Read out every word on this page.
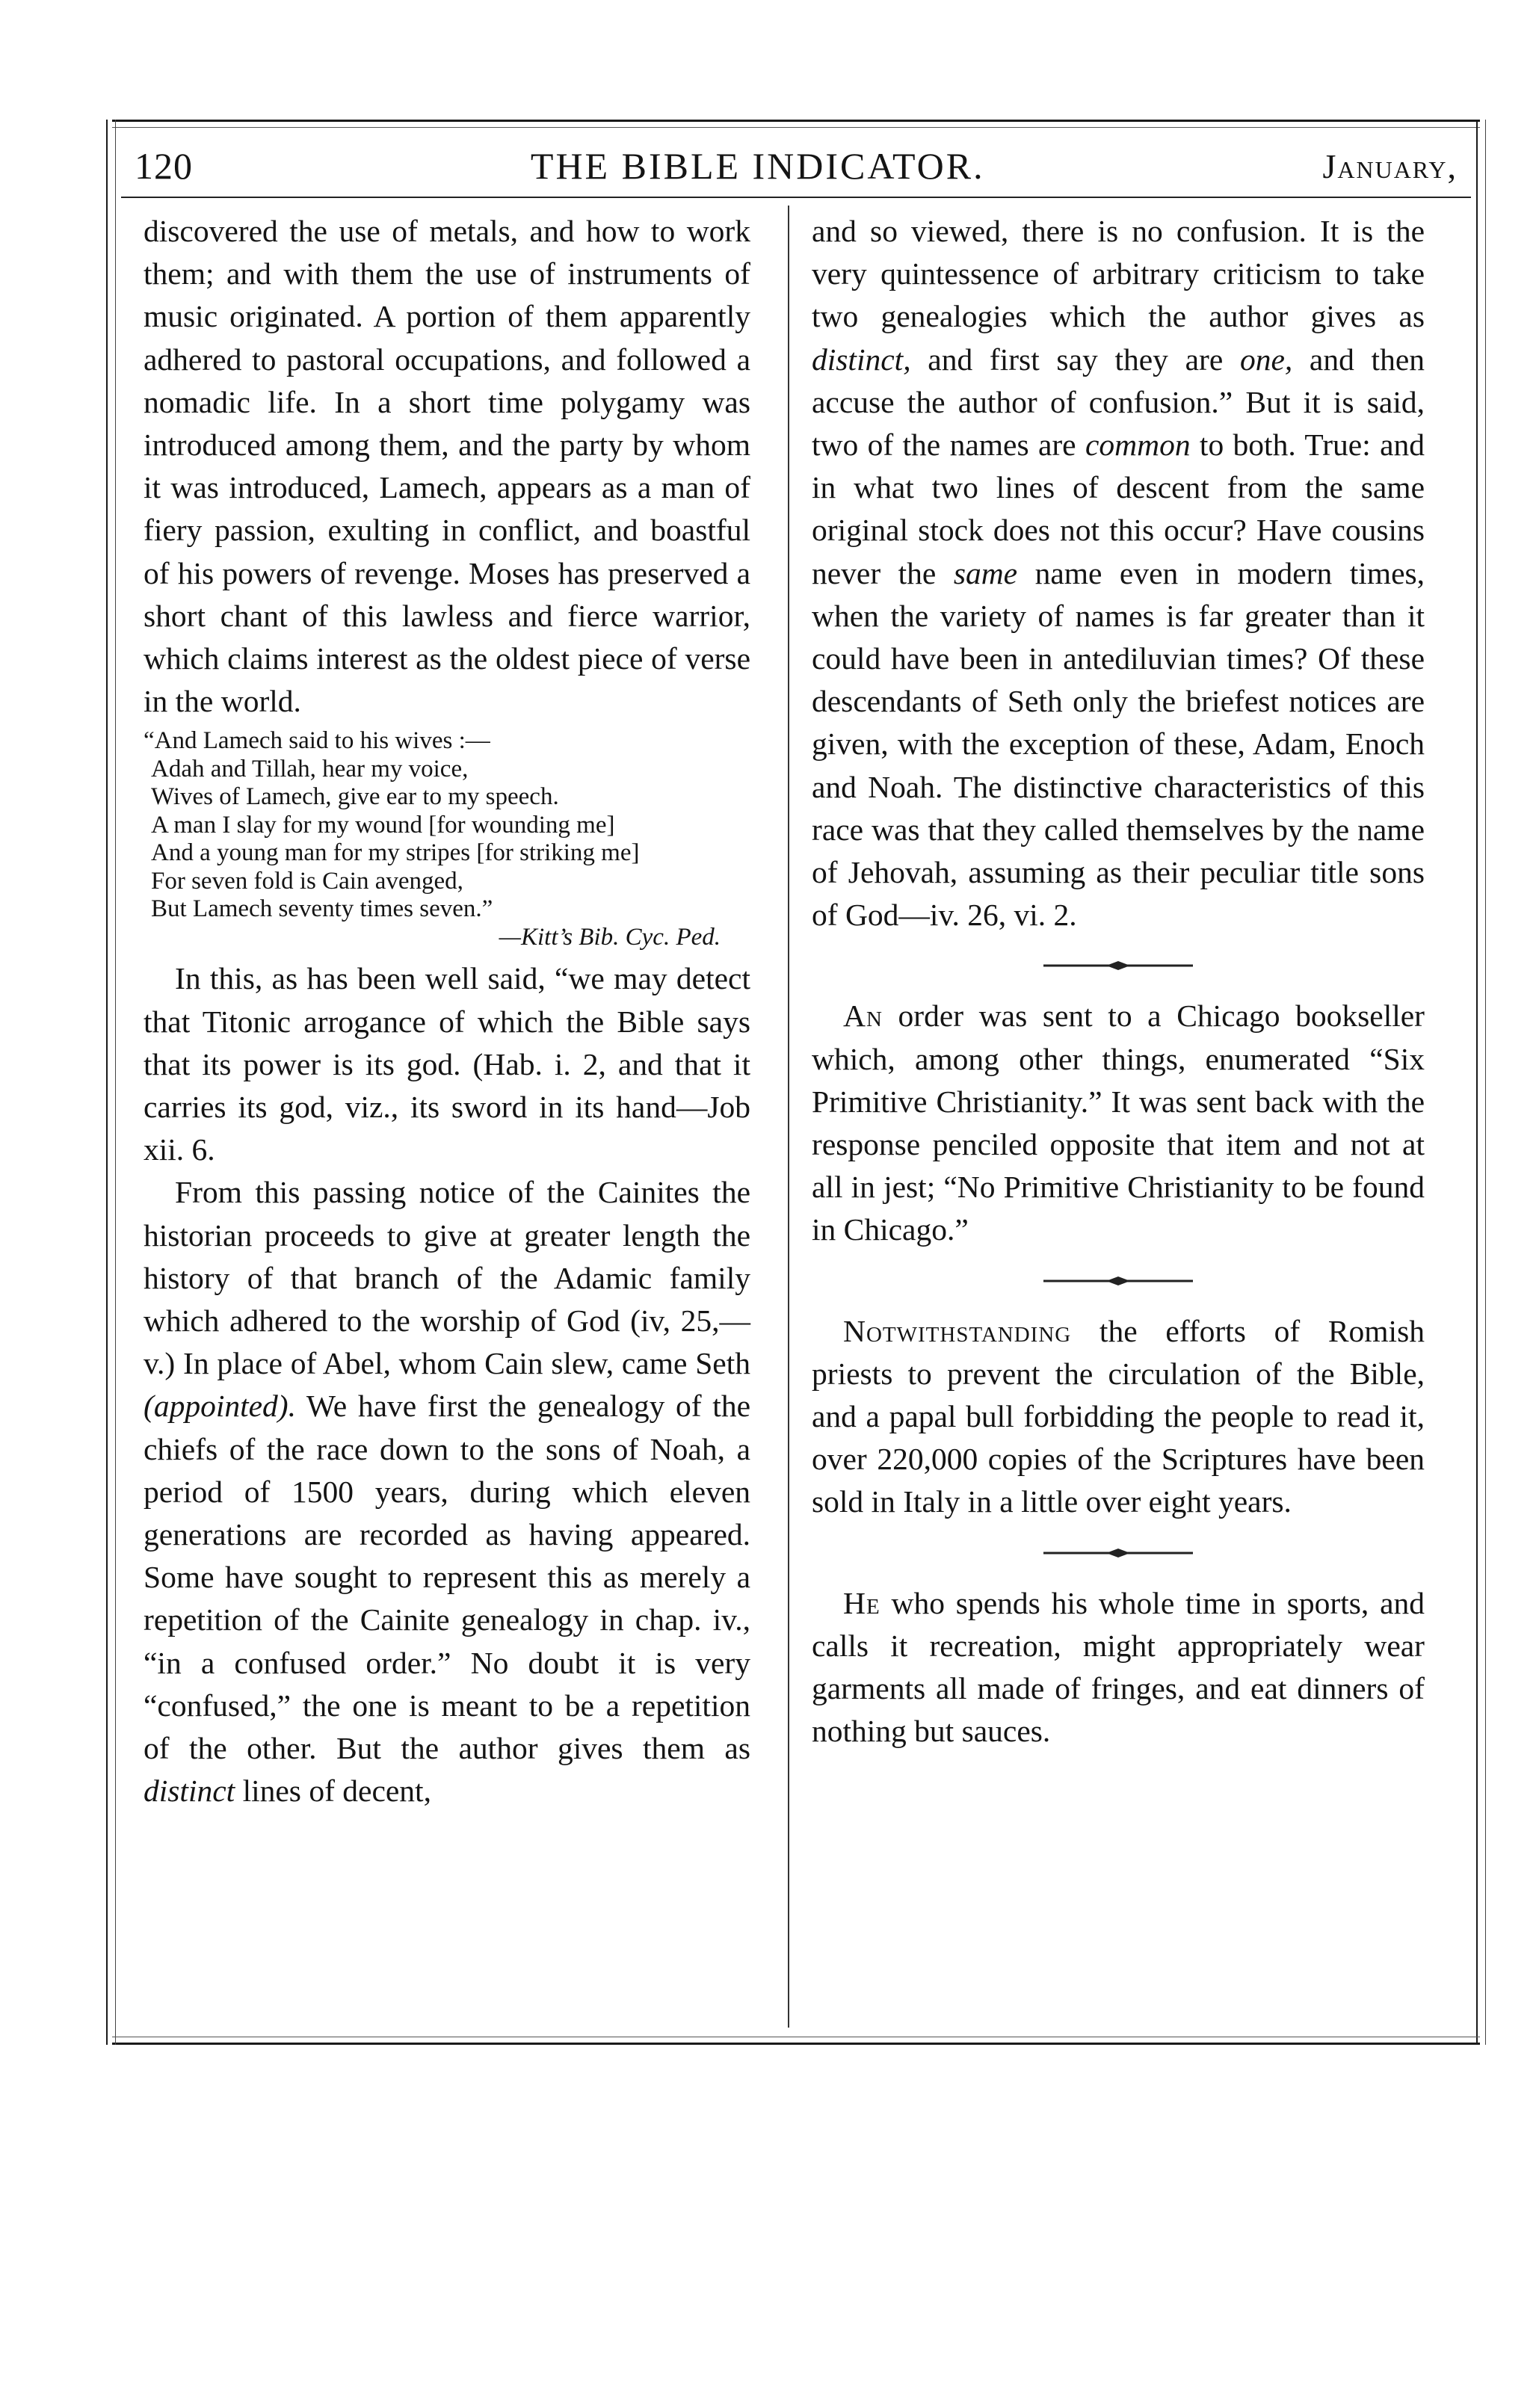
120	THE BIBLE INDICATOR.	January,

discovered the use of metals, and how to work them; and with them the use of instruments of music originated. A portion of them apparently adhered to pastoral occupations, and followed a nomadic life. In a short time polygamy was introduced among them, and the party by whom it was introduced, Lamech, appears as a man of fiery passion, exulting in conflict, and boastful of his powers of revenge. Moses has preserved a short chant of this lawless and fierce warrior, which claims interest as the oldest piece of verse in the world.

“And Lamech said to his wives :—
Adah and Tillah, hear my voice,
Wives of Lamech, give ear to my speech.
A man I slay for my wound [for wounding me]
And a young man for my stripes [for striking me]
For seven fold is Cain avenged,
But Lamech seventy times seven.”
—Kitt’s Bib. Cyc. Ped.

In this, as has been well said, “we may detect that Titonic arrogance of which the Bible says that its power is its god. (Hab. i. 2, and that it carries its god, viz., its sword in its hand—Job xii. 6.

From this passing notice of the Cainites the historian proceeds to give at greater length the history of that branch of the Adamic family which adhered to the worship of God (iv, 25,—v.) In place of Abel, whom Cain slew, came Seth (appointed). We have first the genealogy of the chiefs of the race down to the sons of Noah, a period of 1500 years, during which eleven generations are recorded as having appeared. Some have sought to represent this as merely a repetition of the Cainite genealogy in chap. iv., “in a confused order.” No doubt it is very “confused,” the one is meant to be a repetition of the other. But the author gives them as distinct lines of decent,

and so viewed, there is no confusion. It is the very quintessence of arbitrary criticism to take two genealogies which the author gives as distinct, and first say they are one, and then accuse the author of confusion.” But it is said, two of the names are common to both. True: and in what two lines of descent from the same original stock does not this occur? Have cousins never the same name even in modern times, when the variety of names is far greater than it could have been in antediluvian times? Of these descendants of Seth only the briefest notices are given, with the exception of these, Adam, Enoch and Noah. The distinctive characteristics of this race was that they called themselves by the name of Jehovah, assuming as their peculiar title sons of God—iv. 26, vi. 2.

An order was sent to a Chicago bookseller which, among other things, enumerated “Six Primitive Christianity.” It was sent back with the response penciled opposite that item and not at all in jest; “No Primitive Christianity to be found in Chicago.”

Notwithstanding the efforts of Romish priests to prevent the circulation of the Bible, and a papal bull forbidding the people to read it, over 220,000 copies of the Scriptures have been sold in Italy in a little over eight years.

He who spends his whole time in sports, and calls it recreation, might appropriately wear garments all made of fringes, and eat dinners of nothing but sauces.
